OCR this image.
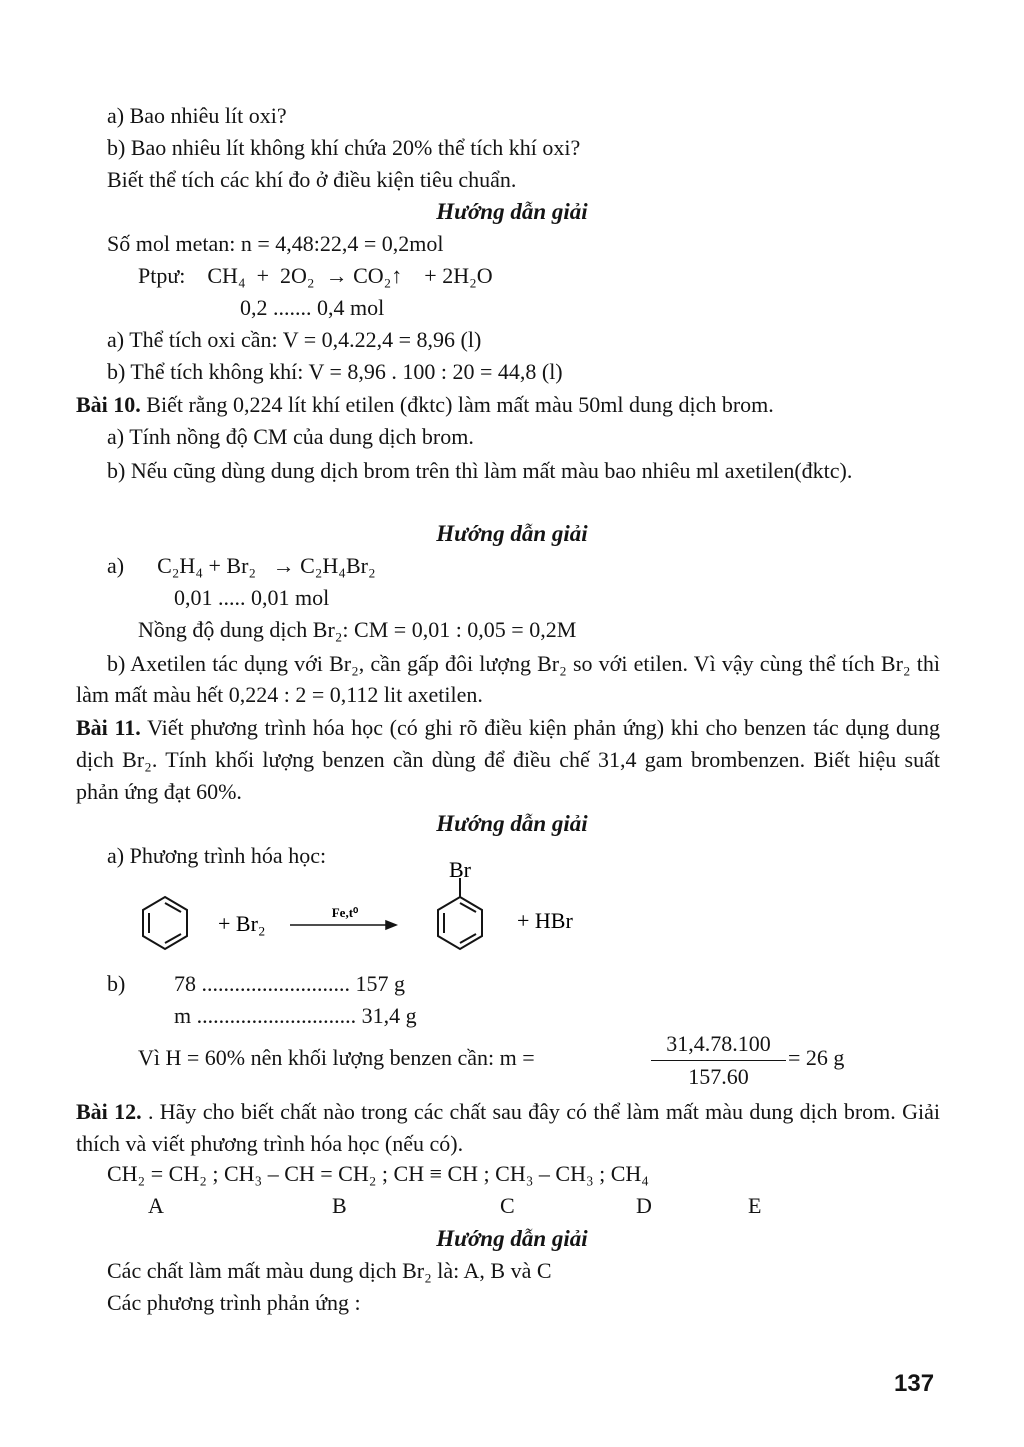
a) Bao nhiêu lít oxi?
b) Bao nhiêu lít không khí chứa 20% thể tích khí oxi?
Biết thể tích các khí đo ở điều kiện tiêu chuẩn.
Hướng dẫn giải
Số mol metan: n = 4,48:22,4 = 0,2mol
Ptpư:    CH₄  +  2O₂  → CO₂↑    + 2H₂O
0,2 ....... 0,4 mol
a) Thể tích oxi cần: V = 0,4.22,4 = 8,96 (l)
b) Thể tích không khí: V = 8,96 . 100 : 20 = 44,8 (l)
Bài 10. Biết rằng 0,224 lít khí etilen (đktc) làm mất màu 50ml dung dịch brom.
a) Tính nồng độ CM của dung dịch brom.
b) Nếu cũng dùng dung dịch brom trên thì làm mất màu bao nhiêu ml axetilen(đktc).
Hướng dẫn giải
a)      C₂H₄ + Br₂   → C₂H₄Br₂
0,01 ..... 0,01 mol
Nồng độ dung dịch Br₂: CM = 0,01 : 0,05 = 0,2M
b) Axetilen tác dụng với Br₂, cần gấp đôi lượng Br₂ so với etilen. Vì vậy cùng thể tích Br₂ thì làm mất màu hết 0,224 : 2 = 0,112 lit axetilen.
Bài 11. Viết phương trình hóa học (có ghi rõ điều kiện phản ứng) khi cho benzen tác dụng dung dịch Br₂. Tính khối lượng benzen cần dùng để điều chế 31,4 gam brombenzen. Biết hiệu suất phản ứng đạt 60%.
Hướng dẫn giải
a) Phương trình hóa học:
+ Br₂	Fe,t⁰
Br
+ HBr
b) 78 ........................... 157 g
m ............................. 31,4 g
Vì H = 60% nên khối lượng benzen cần: m =
31,4.78.100
157.60
= 26 g
Bài 12. . Hãy cho biết chất nào trong các chất sau đây có thể làm mất màu dung dịch brom. Giải thích và viết phương trình hóa học (nếu có).
CH₂ = CH₂ ; CH₃ – CH = CH₂ ; CH ≡ CH ; CH₃ – CH₃ ; CH₄
A	B	C	D	E
Hướng dẫn giải
Các chất làm mất màu dung dịch Br₂ là: A, B và C
Các phương trình phản ứng :
137
